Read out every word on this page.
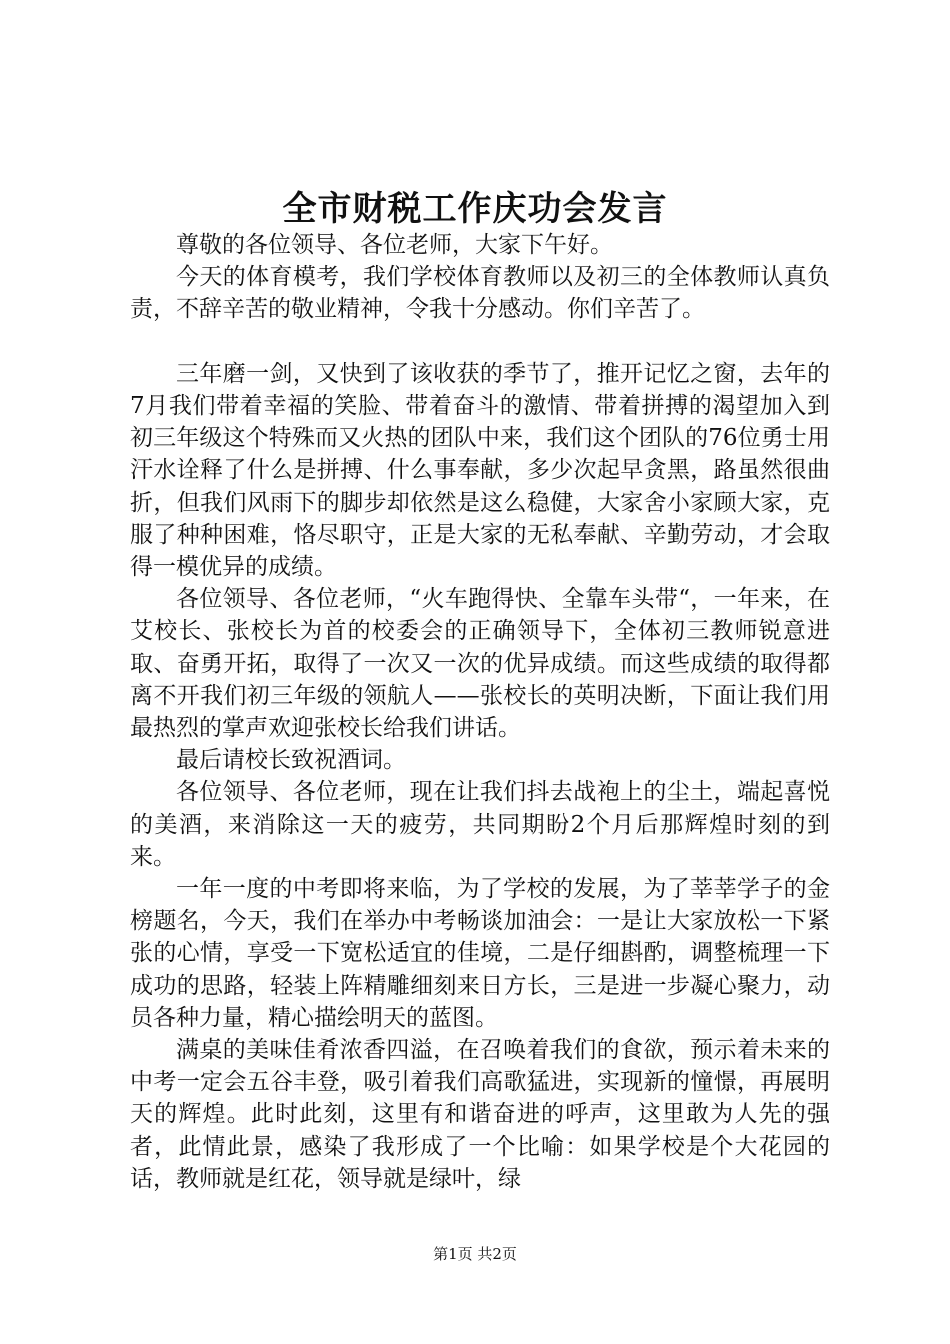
全市财税工作庆功会发言

尊敬的各位领导、各位老师，大家下午好。

今天的体育模考，我们学校体育教师以及初三的全体教师认真负责，不辞辛苦的敬业精神，令我十分感动。你们辛苦了。

三年磨一剑，又快到了该收获的季节了，推开记忆之窗，去年的7月我们带着幸福的笑脸、带着奋斗的激情、带着拼搏的渴望加入到初三年级这个特殊而又火热的团队中来，我们这个团队的76位勇士用汗水诠释了什么是拼搏、什么事奉献，多少次起早贪黑，路虽然很曲折，但我们风雨下的脚步却依然是这么稳健，大家舍小家顾大家，克服了种种困难，恪尽职守，正是大家的无私奉献、辛勤劳动，才会取得一模优异的成绩。

各位领导、各位老师，“火车跑得快、全靠车头带“，一年来，在艾校长、张校长为首的校委会的正确领导下，全体初三教师锐意进取、奋勇开拓，取得了一次又一次的优异成绩。而这些成绩的取得都离不开我们初三年级的领航人——张校长的英明决断，下面让我们用最热烈的掌声欢迎张校长给我们讲话。

最后请校长致祝酒词。

各位领导、各位老师，现在让我们抖去战袍上的尘土，端起喜悦的美酒，来消除这一天的疲劳，共同期盼2个月后那辉煌时刻的到来。

一年一度的中考即将来临，为了学校的发展，为了莘莘学子的金榜题名，今天，我们在举办中考畅谈加油会：一是让大家放松一下紧张的心情，享受一下宽松适宜的佳境，二是仔细斟酌，调整梳理一下成功的思路，轻装上阵精雕细刻来日方长，三是进一步凝心聚力，动员各种力量，精心描绘明天的蓝图。

满桌的美味佳肴浓香四溢，在召唤着我们的食欲，预示着未来的中考一定会五谷丰登，吸引着我们高歌猛进，实现新的憧憬，再展明天的辉煌。此时此刻，这里有和谐奋进的呼声，这里敢为人先的强者，此情此景，感染了我形成了一个比喻：如果学校是个大花园的话，教师就是红花，领导就是绿叶，绿

第1页 共2页
